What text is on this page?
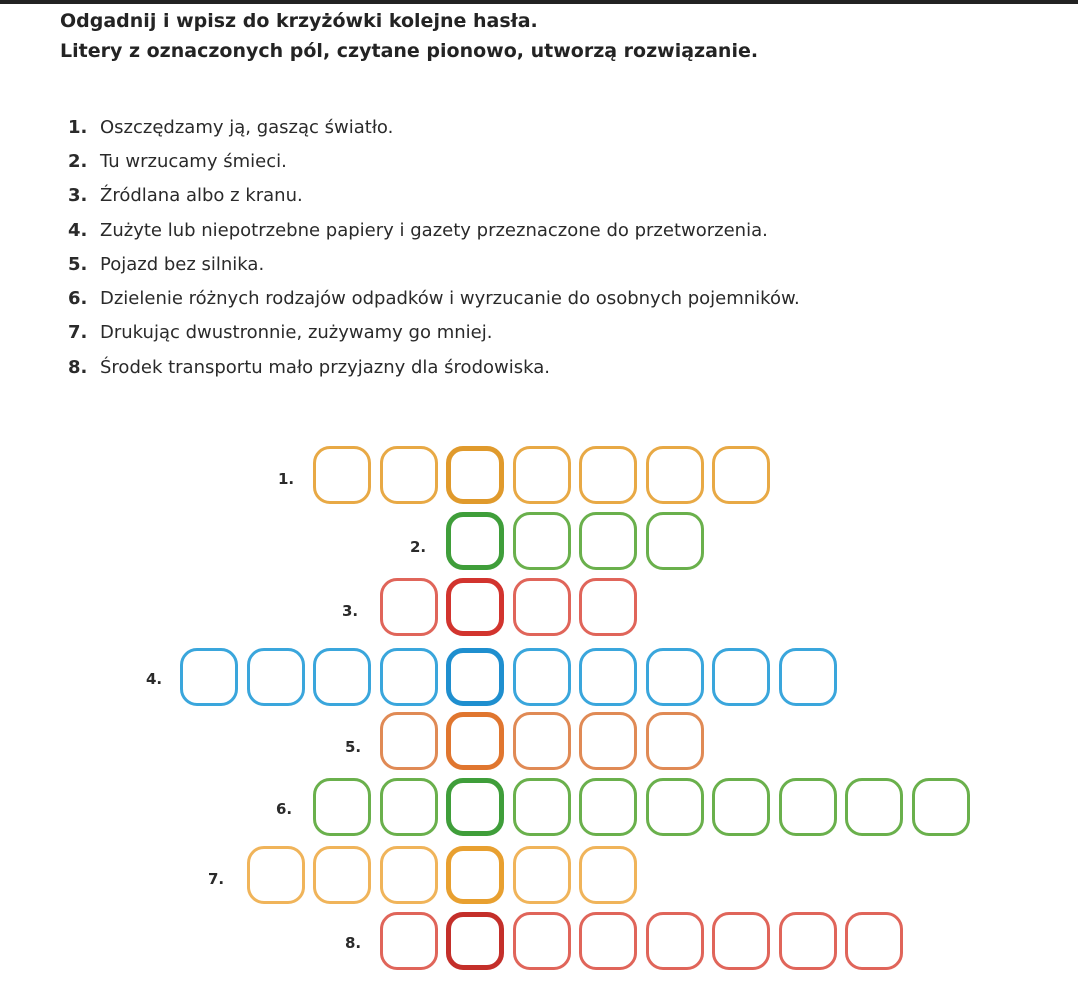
Odgadnij i wpisz do krzyżówki kolejne hasła.

Litery z oznaczonych pól, czytane pionowo, utworzą rozwiązanie.

1. Oszczędzamy ją, gasząc światło.
2. Tu wrzucamy śmieci.
3. Źródlana albo z kranu.
4. Zużyte lub niepotrzebne papiery i gazety przeznaczone do przetworzenia.
5. Pojazd bez silnika.
6. Dzielenie różnych rodzajów odpadków i wyrzucanie do osobnych pojemników.
7. Drukując dwustronnie, zużywamy go mniej.
8. Środek transportu mało przyjazny dla środowiska.
1.
2.
3.
4.
5.
6.
7.
8.
